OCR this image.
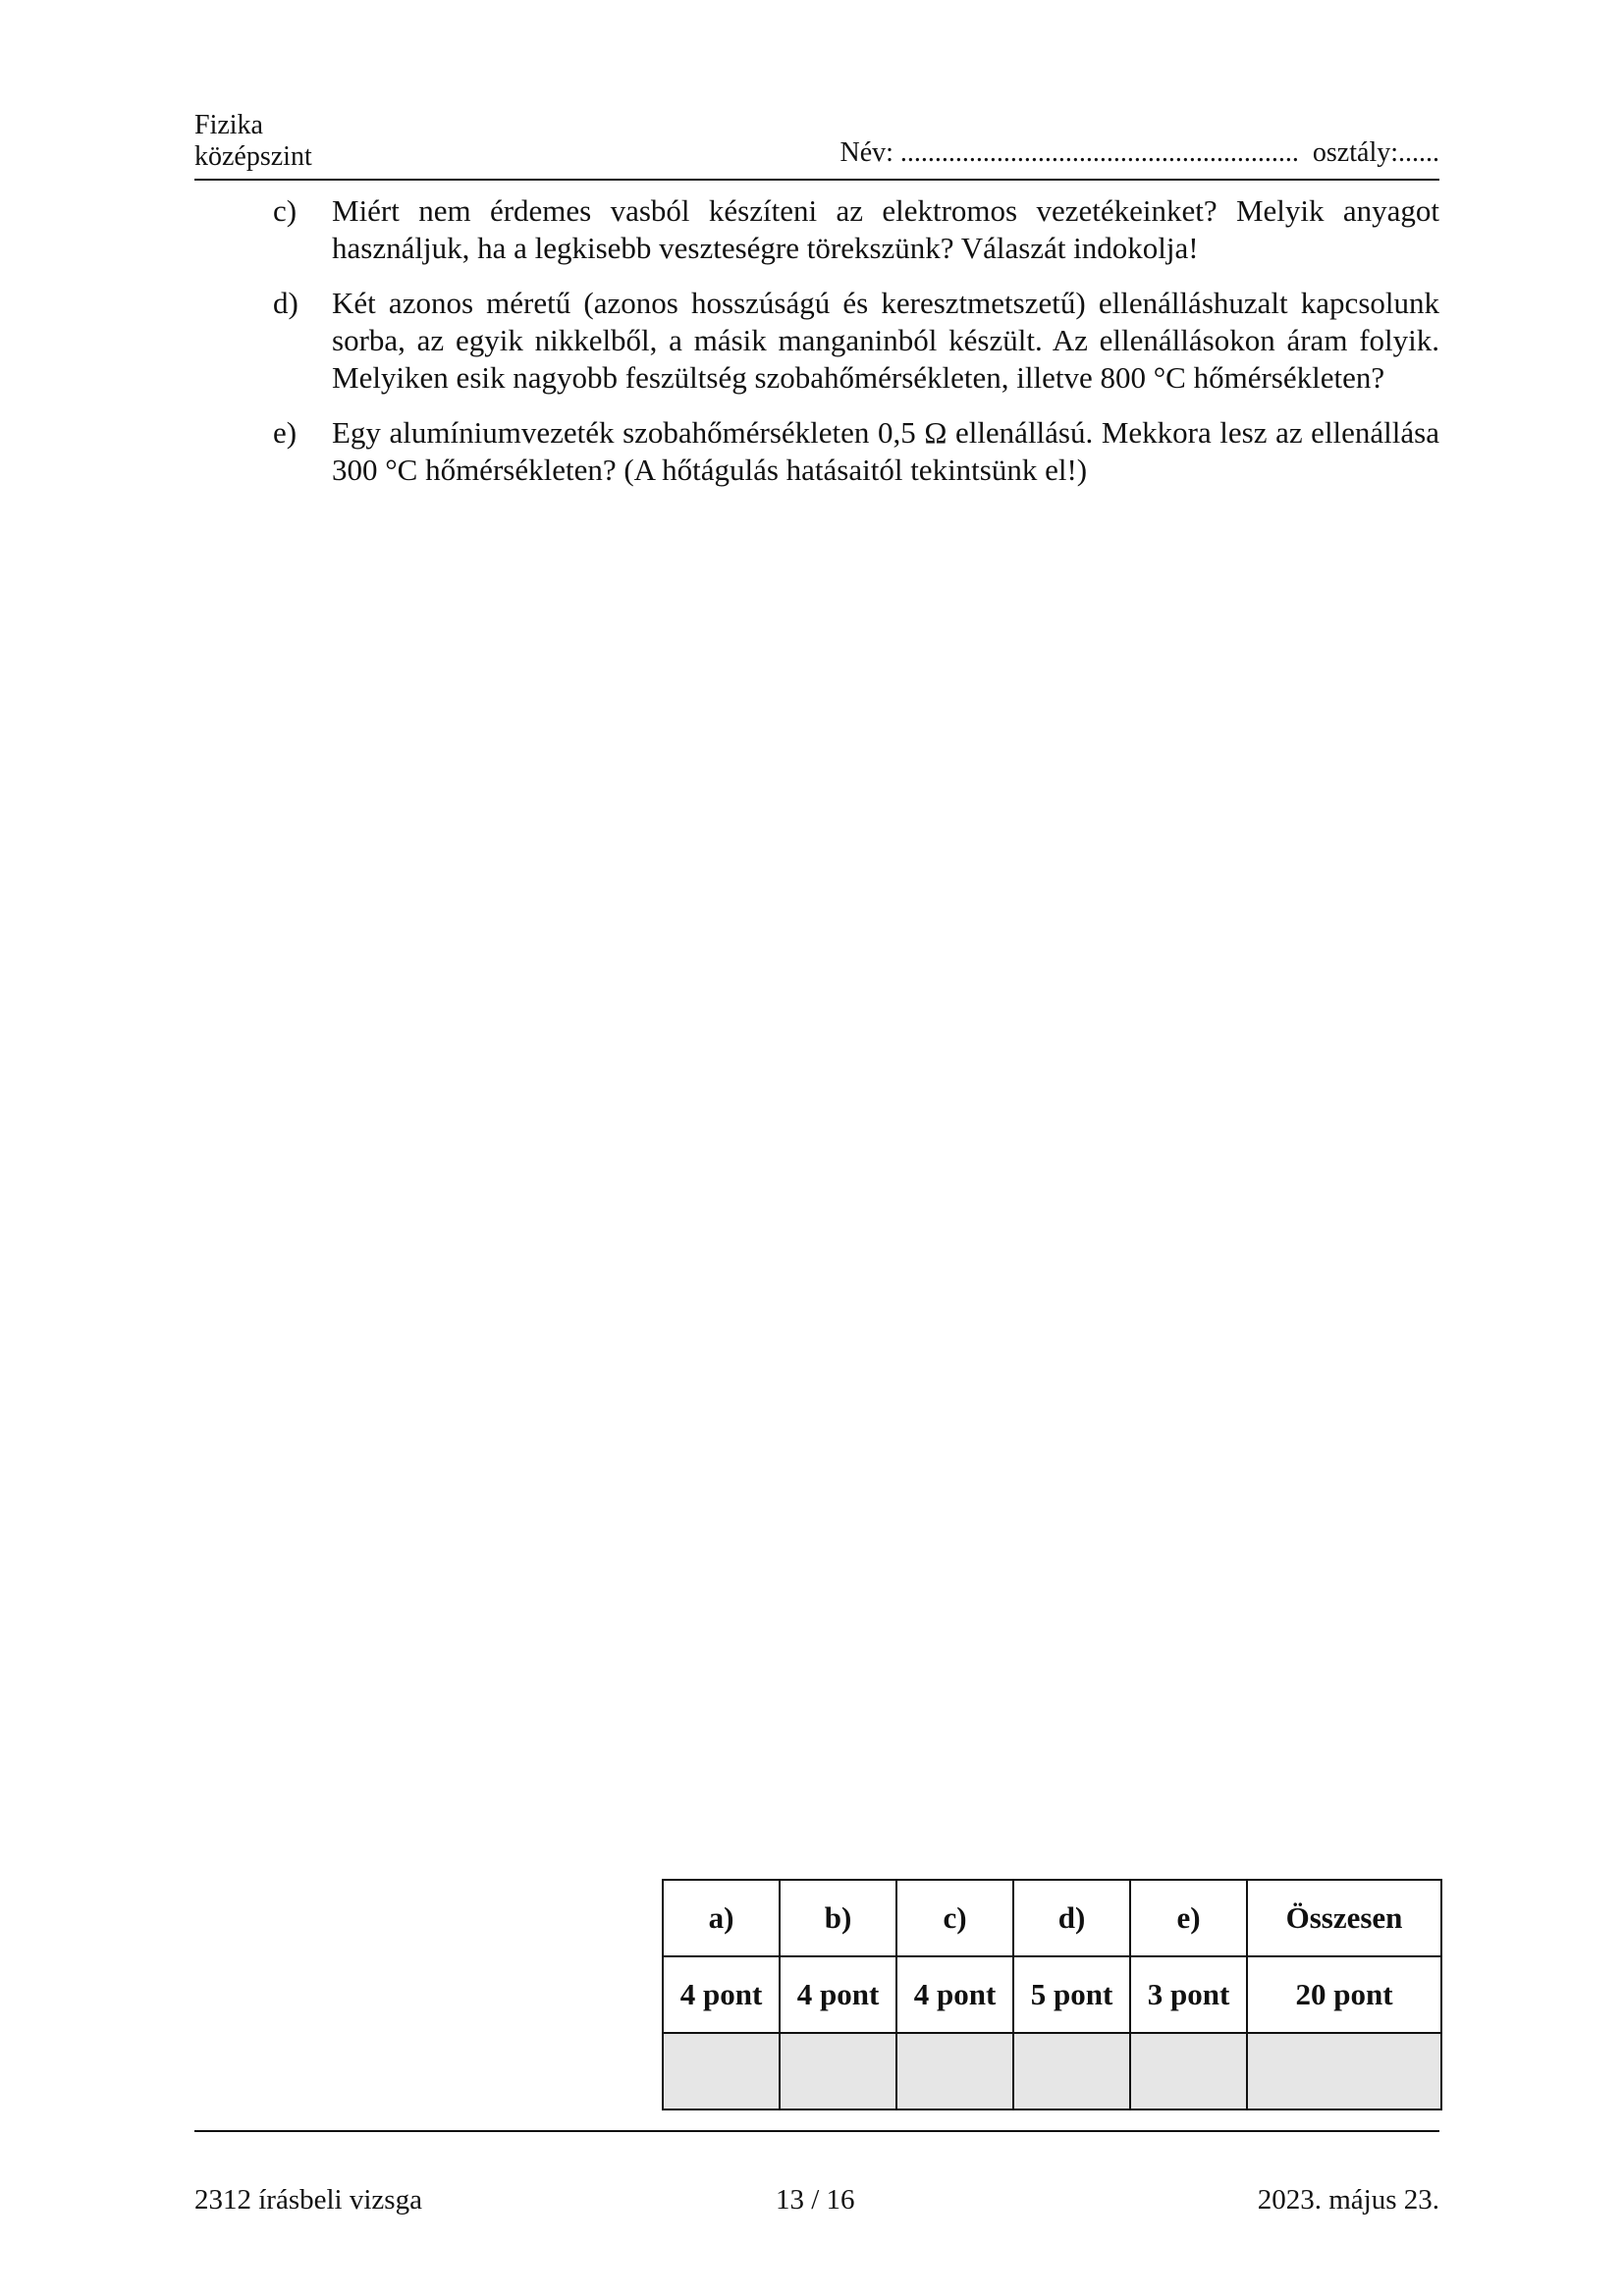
Fizika
középszint	Név: .......................................................... osztály:......
c)	Miért nem érdemes vasból készíteni az elektromos vezetékeinket? Melyik anyagot használjuk, ha a legkisebb veszteségre törekszünk? Válaszát indokolja!
d)	Két azonos méretű (azonos hosszúságú és keresztmetszetű) ellenálláshuzalt kapcsolunk sorba, az egyik nikkelből, a másik manganinból készült. Az ellenállásokon áram folyik. Melyiken esik nagyobb feszültség szobahőmérsékleten, illetve 800 °C hőmérsékleten?
e)	Egy alumíniumvezeték szobahőmérsékleten 0,5 Ω ellenállású. Mekkora lesz az ellenállása 300 °C hőmérsékleten? (A hőtágulás hatásaitól tekintsünk el!)
a)	b)	c)	d)	e)	Összesen
4 pont	4 pont	4 pont	5 pont	3 pont	20 pont

2312 írásbeli vizsga	13 / 16	2023. május 23.
